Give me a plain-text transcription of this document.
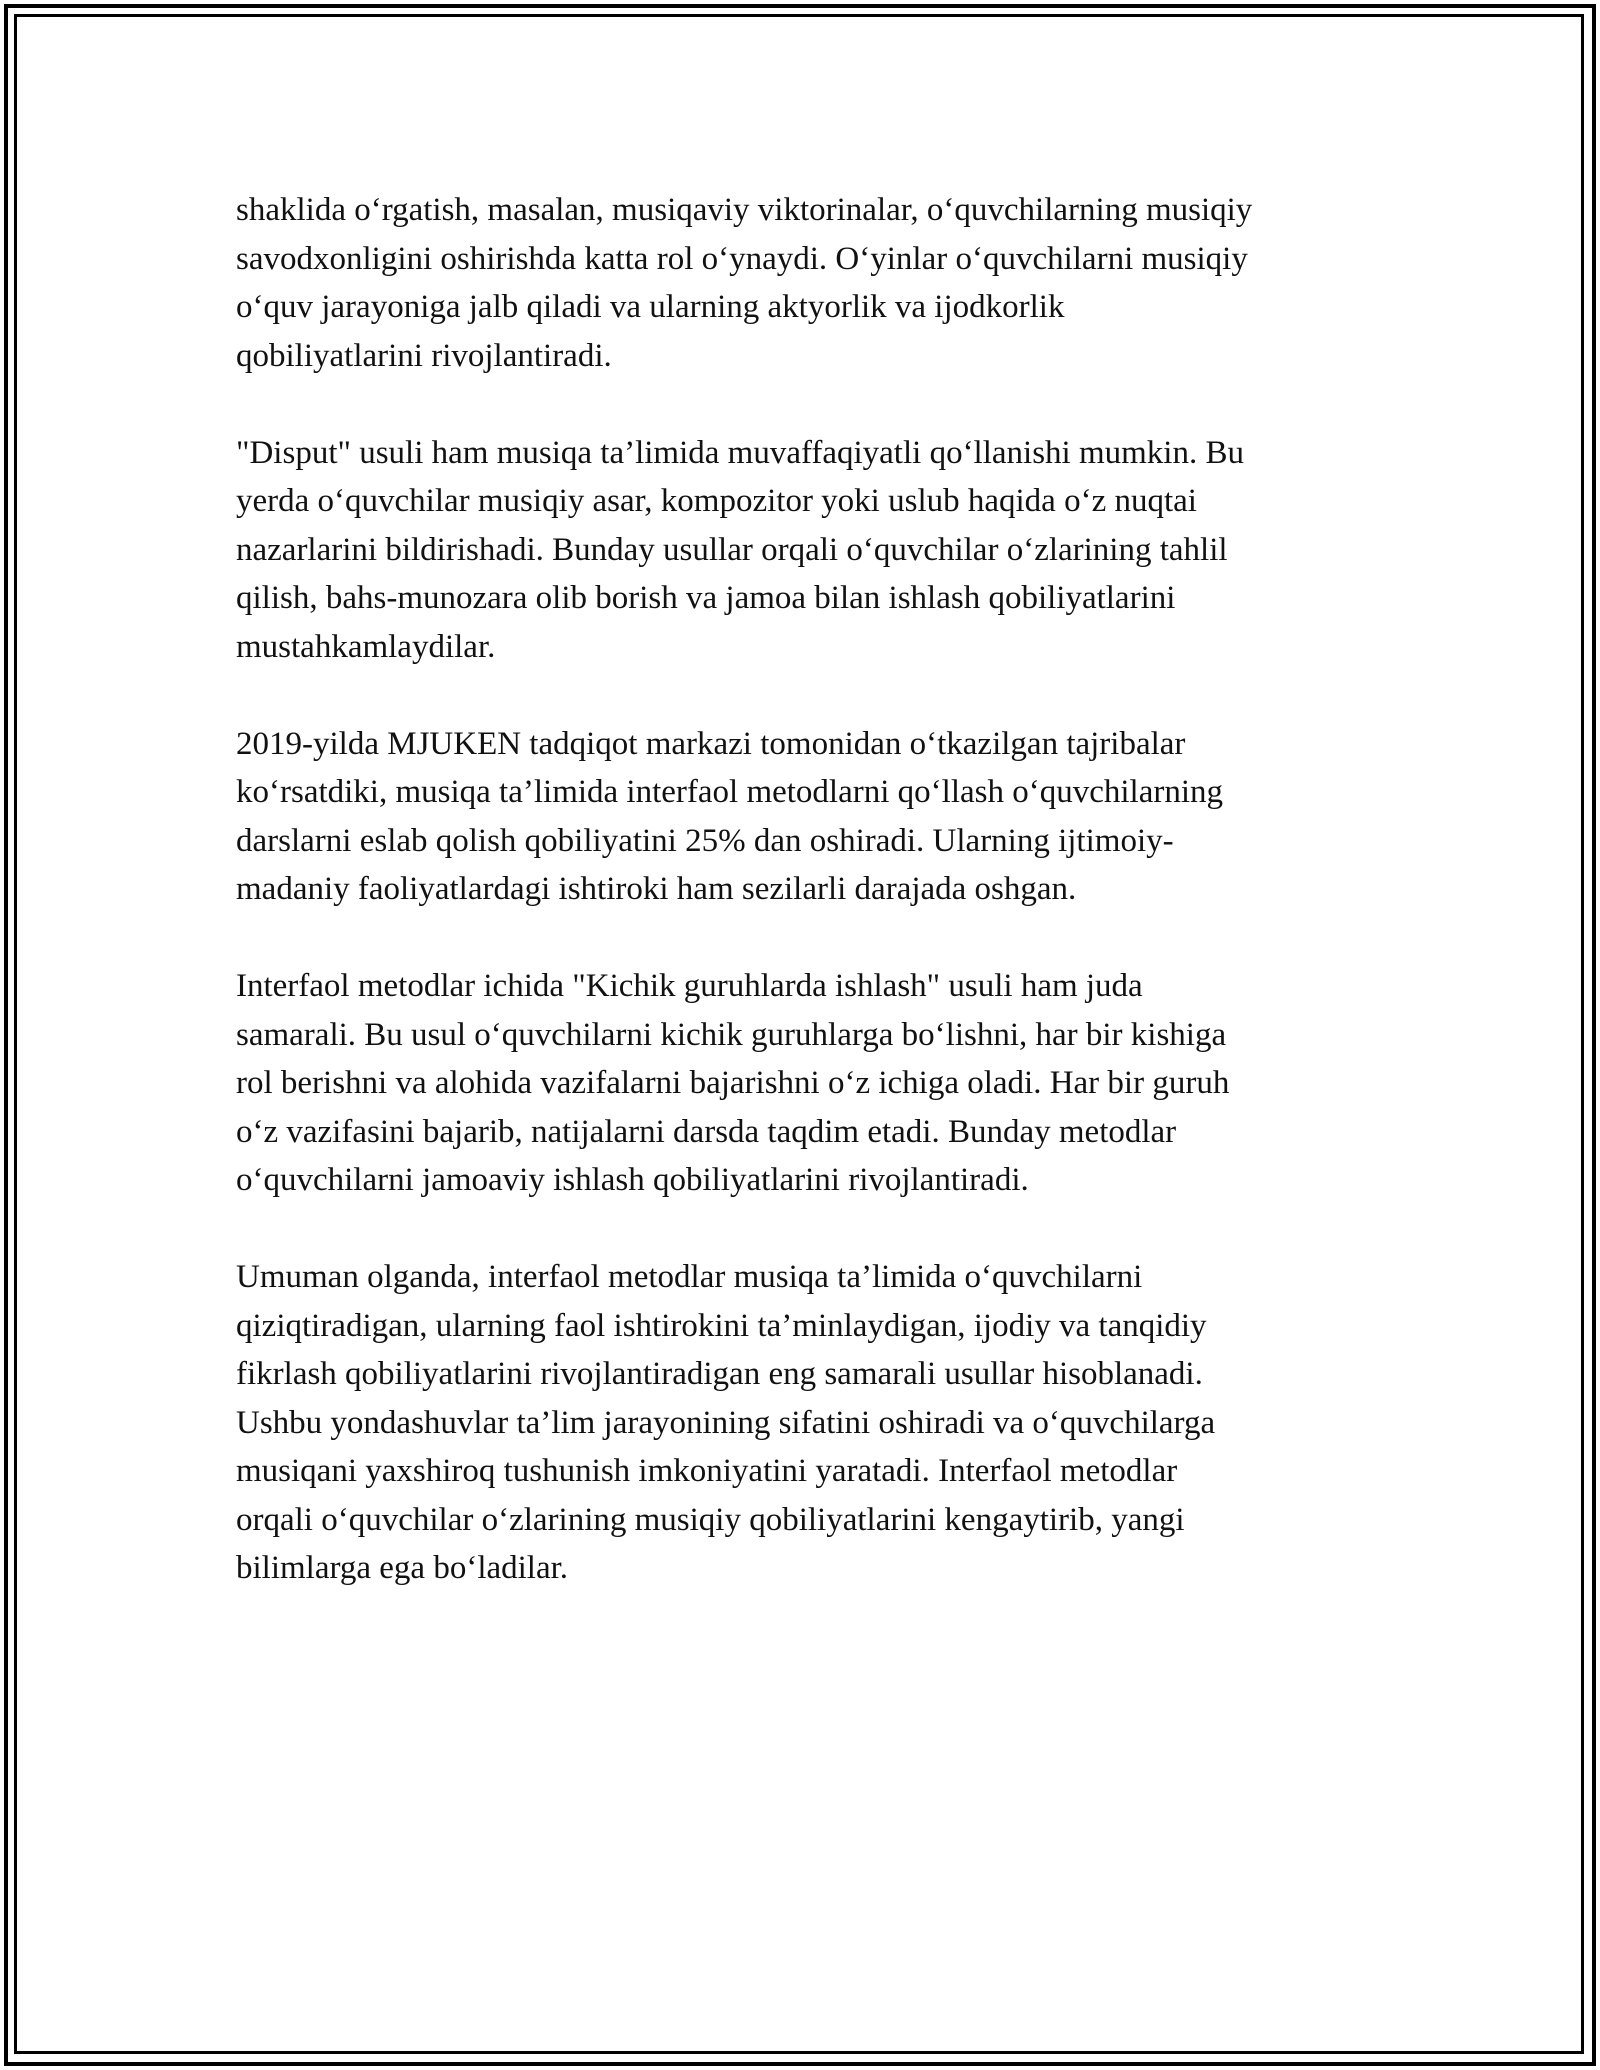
shaklida o‘rgatish, masalan, musiqaviy viktorinalar, o‘quvchilarning musiqiy
savodxonligini oshirishda katta rol o‘ynaydi. O‘yinlar o‘quvchilarni musiqiy
o‘quv jarayoniga jalb qiladi va ularning aktyorlik va ijodkorlik
qobiliyatlarini rivojlantiradi.

"Disput" usuli ham musiqa ta’limida muvaffaqiyatli qo‘llanishi mumkin. Bu
yerda o‘quvchilar musiqiy asar, kompozitor yoki uslub haqida o‘z nuqtai
nazarlarini bildirishadi. Bunday usullar orqali o‘quvchilar o‘zlarining tahlil
qilish, bahs-munozara olib borish va jamoa bilan ishlash qobiliyatlarini
mustahkamlaydilar.

2019-yilda MJUKEN tadqiqot markazi tomonidan o‘tkazilgan tajribalar
ko‘rsatdiki, musiqa ta’limida interfaol metodlarni qo‘llash o‘quvchilarning
darslarni eslab qolish qobiliyatini 25% dan oshiradi. Ularning ijtimoiy-
madaniy faoliyatlardagi ishtiroki ham sezilarli darajada oshgan.

Interfaol metodlar ichida "Kichik guruhlarda ishlash" usuli ham juda
samarali. Bu usul o‘quvchilarni kichik guruhlarga bo‘lishni, har bir kishiga
rol berishni va alohida vazifalarni bajarishni o‘z ichiga oladi. Har bir guruh
o‘z vazifasini bajarib, natijalarni darsda taqdim etadi. Bunday metodlar
o‘quvchilarni jamoaviy ishlash qobiliyatlarini rivojlantiradi.

Umuman olganda, interfaol metodlar musiqa ta’limida o‘quvchilarni
qiziqtiradigan, ularning faol ishtirokini ta’minlaydigan, ijodiy va tanqidiy
fikrlash qobiliyatlarini rivojlantiradigan eng samarali usullar hisoblanadi.
Ushbu yondashuvlar ta’lim jarayonining sifatini oshiradi va o‘quvchilarga
musiqani yaxshiroq tushunish imkoniyatini yaratadi. Interfaol metodlar
orqali o‘quvchilar o‘zlarining musiqiy qobiliyatlarini kengaytirib, yangi
bilimlarga ega bo‘ladilar.
